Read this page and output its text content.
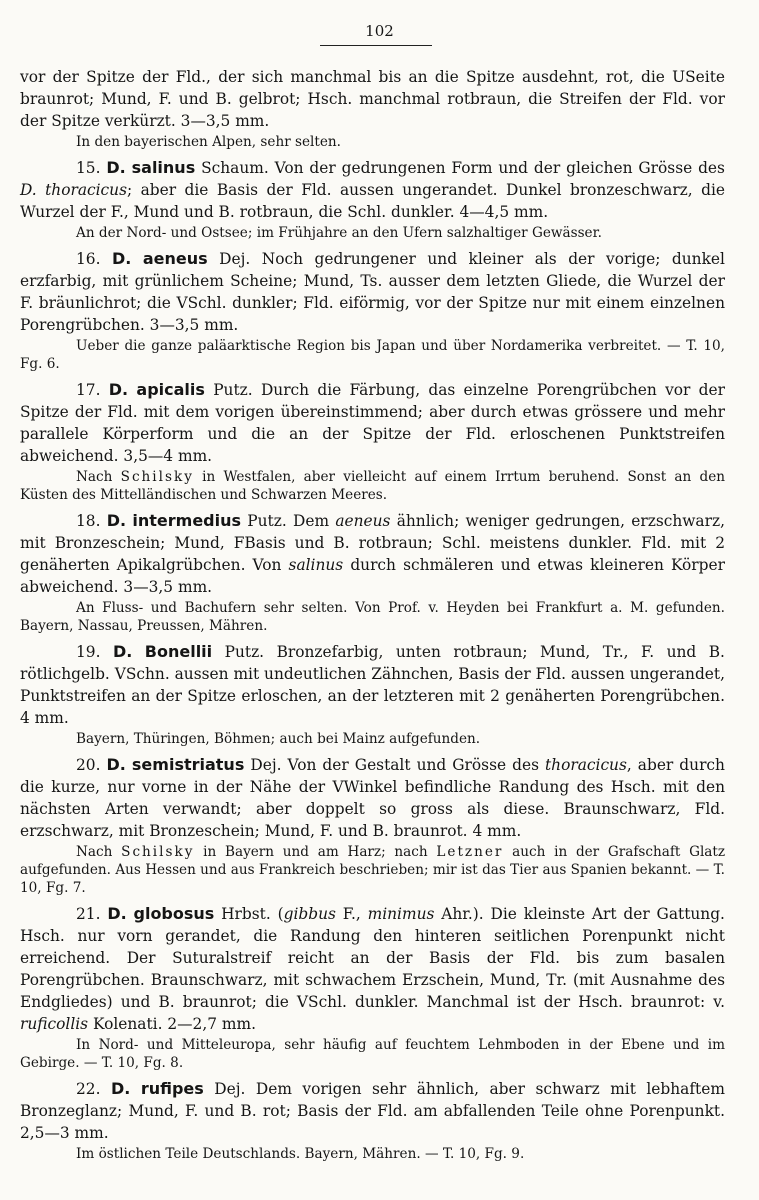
102

vor der Spitze der Fld., der sich manchmal bis an die Spitze ausdehnt, rot, die USeite braunrot; Mund, F. und B. gelbrot; Hsch. manchmal rotbraun, die Streifen der Fld. vor der Spitze verkürzt. 3—3,5 mm.

In den bayerischen Alpen, sehr selten.

15. D. salinus Schaum. Von der gedrungenen Form und der gleichen Grösse des D. thoracicus; aber die Basis der Fld. aussen ungerandet. Dunkel bronzeschwarz, die Wurzel der F., Mund und B. rotbraun, die Schl. dunkler. 4—4,5 mm.

An der Nord- und Ostsee; im Frühjahre an den Ufern salzhaltiger Gewässer.

16. D. aeneus Dej. Noch gedrungener und kleiner als der vorige; dunkel erzfarbig, mit grünlichem Scheine; Mund, Ts. ausser dem letzten Gliede, die Wurzel der F. bräunlichrot; die VSchl. dunkler; Fld. eiförmig, vor der Spitze nur mit einem einzelnen Porengrübchen. 3—3,5 mm.

Ueber die ganze paläarktische Region bis Japan und über Nordamerika verbreitet. — T. 10, Fg. 6.

17. D. apicalis Putz. Durch die Färbung, das einzelne Porengrübchen vor der Spitze der Fld. mit dem vorigen übereinstimmend; aber durch etwas grössere und mehr parallele Körperform und die an der Spitze der Fld. erloschenen Punktstreifen abweichend. 3,5—4 mm.

Nach Schilsky in Westfalen, aber vielleicht auf einem Irrtum beruhend. Sonst an den Küsten des Mittelländischen und Schwarzen Meeres.

18. D. intermedius Putz. Dem aeneus ähnlich; weniger gedrungen, erzschwarz, mit Bronzeschein; Mund, FBasis und B. rotbraun; Schl. meistens dunkler. Fld. mit 2 genäherten Apikalgrübchen. Von salinus durch schmäleren und etwas kleineren Körper abweichend. 3—3,5 mm.

An Fluss- und Bachufern sehr selten. Von Prof. v. Heyden bei Frankfurt a. M. gefunden. Bayern, Nassau, Preussen, Mähren.

19. D. Bonellii Putz. Bronzefarbig, unten rotbraun; Mund, Tr., F. und B. rötlichgelb. VSchn. aussen mit undeutlichen Zähnchen, Basis der Fld. aussen ungerandet, Punktstreifen an der Spitze erloschen, an der letzteren mit 2 genäherten Porengrübchen. 4 mm.

Bayern, Thüringen, Böhmen; auch bei Mainz aufgefunden.

20. D. semistriatus Dej. Von der Gestalt und Grösse des thoracicus, aber durch die kurze, nur vorne in der Nähe der VWinkel befindliche Randung des Hsch. mit den nächsten Arten verwandt; aber doppelt so gross als diese. Braunschwarz, Fld. erzschwarz, mit Bronzeschein; Mund, F. und B. braunrot. 4 mm.

Nach Schilsky in Bayern und am Harz; nach Letzner auch in der Grafschaft Glatz aufgefunden. Aus Hessen und aus Frankreich beschrieben; mir ist das Tier aus Spanien bekannt. — T. 10, Fg. 7.

21. D. globosus Hrbst. (gibbus F., minimus Ahr.). Die kleinste Art der Gattung. Hsch. nur vorn gerandet, die Randung den hinteren seitlichen Porenpunkt nicht erreichend. Der Suturalstreif reicht an der Basis der Fld. bis zum basalen Porengrübchen. Braunschwarz, mit schwachem Erzschein, Mund, Tr. (mit Ausnahme des Endgliedes) und B. braunrot; die VSchl. dunkler. Manchmal ist der Hsch. braunrot: v. ruficollis Kolenati. 2—2,7 mm.

In Nord- und Mitteleuropa, sehr häufig auf feuchtem Lehmboden in der Ebene und im Gebirge. — T. 10, Fg. 8.

22. D. rufipes Dej. Dem vorigen sehr ähnlich, aber schwarz mit lebhaftem Bronzeglanz; Mund, F. und B. rot; Basis der Fld. am abfallenden Teile ohne Porenpunkt. 2,5—3 mm.

Im östlichen Teile Deutschlands. Bayern, Mähren. — T. 10, Fg. 9.
